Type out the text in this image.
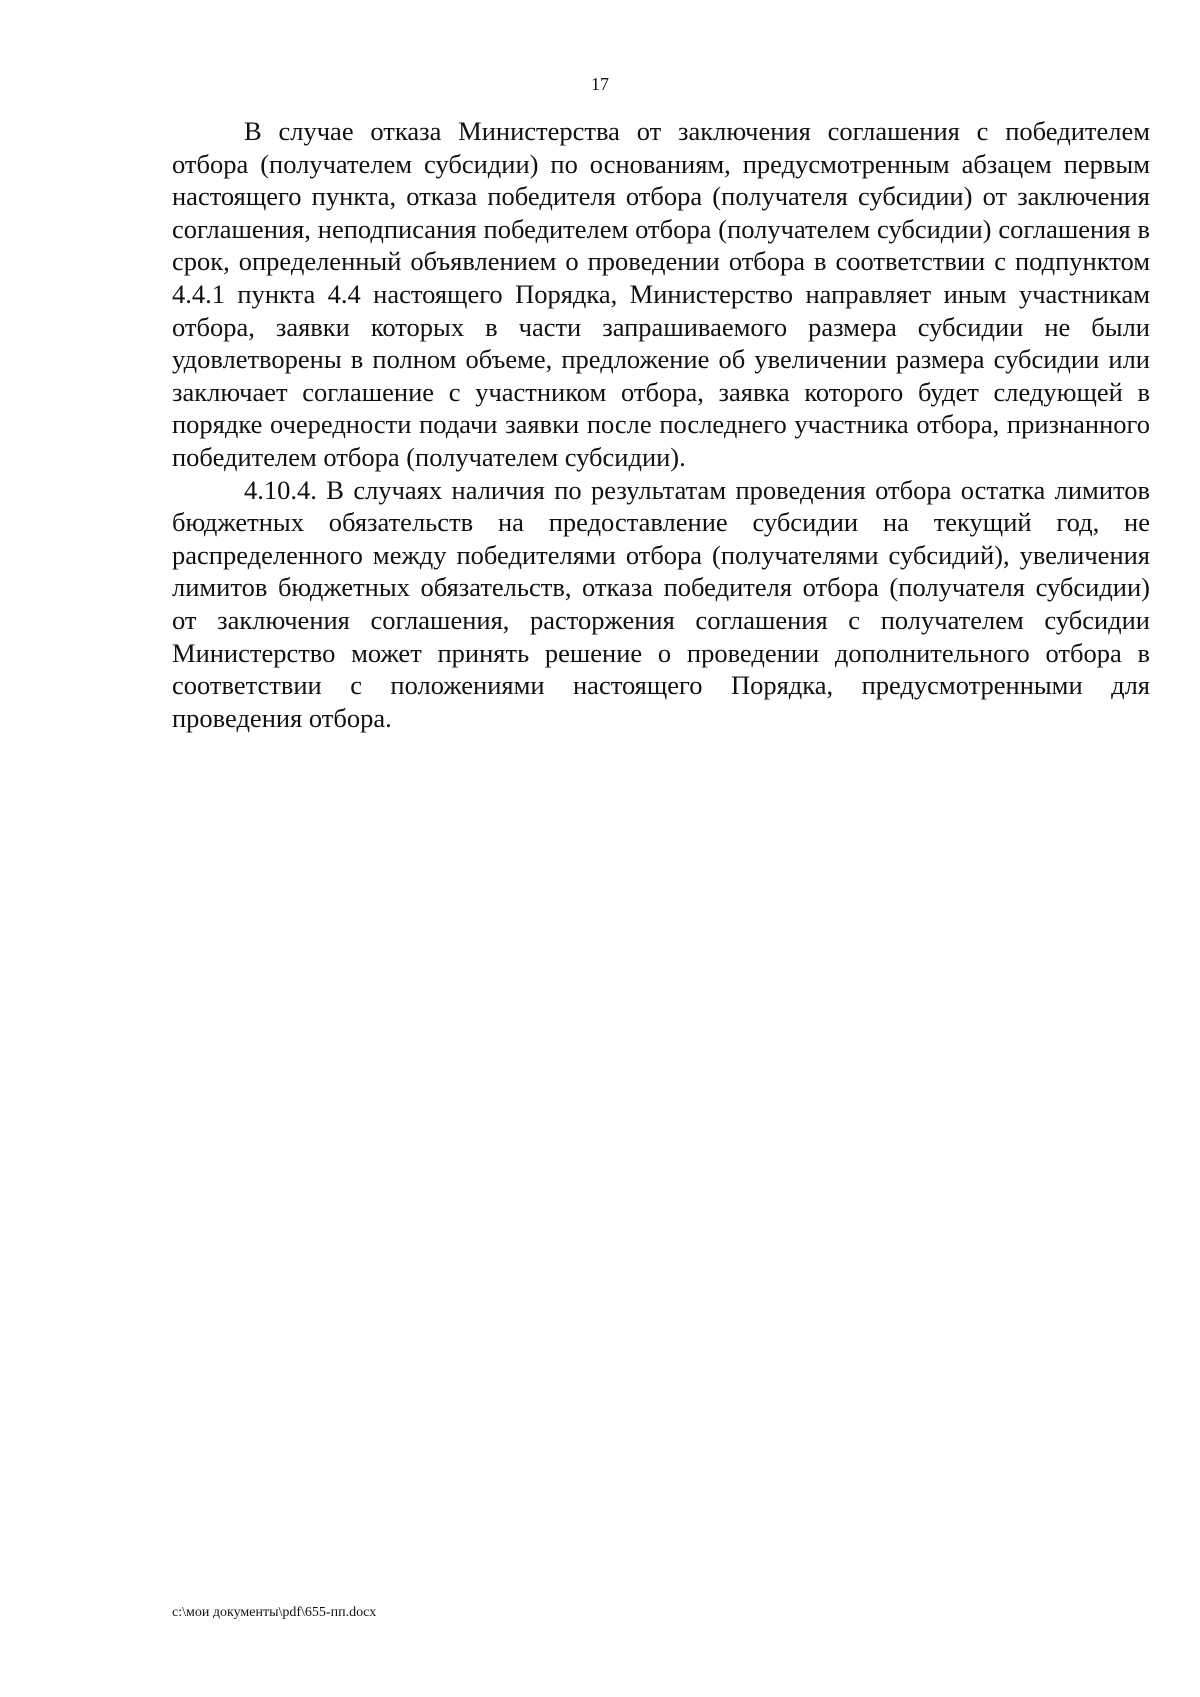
17

В случае отказа Министерства от заключения соглашения с победителем отбора (получателем субсидии) по основаниям, предусмотренным абзацем первым настоящего пункта, отказа победителя отбора (получателя субсидии) от заключения соглашения, неподписания победителем отбора (получателем субсидии) соглашения в срок, определенный объявлением о проведении отбора в соответствии с подпунктом 4.4.1 пункта 4.4 настоящего Порядка, Министерство направляет иным участникам отбора, заявки которых в части запрашиваемого размера субсидии не были удовлетворены в полном объеме, предложение об увеличении размера субсидии или заключает соглашение с участником отбора, заявка которого будет следующей в порядке очередности подачи заявки после последнего участника отбора, признанного победителем отбора (получателем субсидии).

4.10.4. В случаях наличия по результатам проведения отбора остатка лимитов бюджетных обязательств на предоставление субсидии на текущий год, не распределенного между победителями отбора (получателями субсидий), увеличения лимитов бюджетных обязательств, отказа победителя отбора (получателя субсидии) от заключения соглашения, расторжения соглашения с получателем субсидии Министерство может принять решение о проведении дополнительного отбора в соответствии с положениями настоящего Порядка, предусмотренными для проведения отбора.

c:\мои документы\pdf\655-пп.docx
